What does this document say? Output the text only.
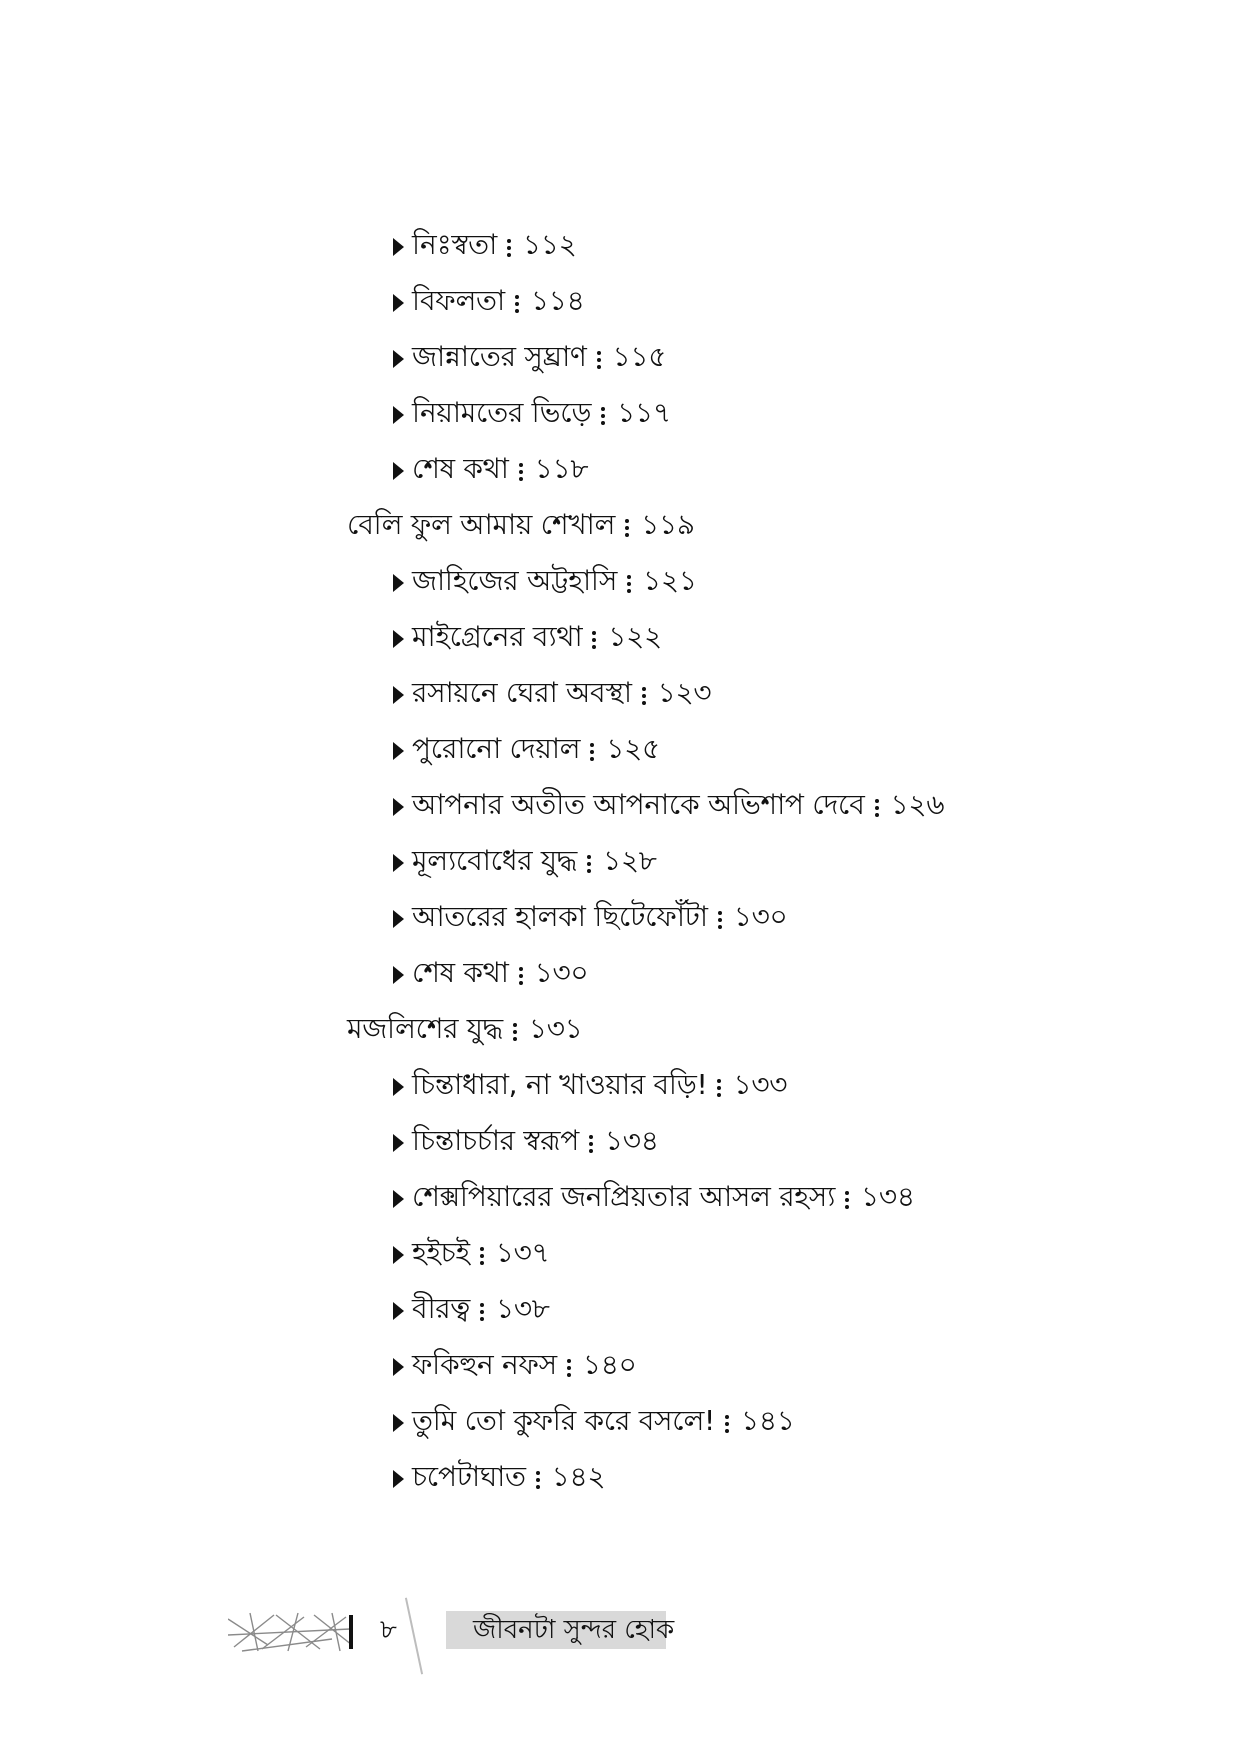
নিঃস্বতা ১১২
বিফলতা ১১৪
জান্নাতের সুঘ্রাণ ১১৫
নিয়ামতের ভিড়ে ১১৭
শেষ কথা ১১৮
বেলি ফুল আমায় শেখাল ১১৯
জাহিজের অট্টহাসি ১২১
মাইগ্রেনের ব্যথা ১২২
রসায়নে ঘেরা অবস্থা ১২৩
পুরোনো দেয়াল ১২৫
আপনার অতীত আপনাকে অভিশাপ দেবে ১২৬
মূল্যবোধের যুদ্ধ ১২৮
আতরের হালকা ছিটেফোঁটা ১৩০
শেষ কথা ১৩০
মজলিশের যুদ্ধ ১৩১
চিন্তাধারা, না খাওয়ার বড়ি! ১৩৩
চিন্তাচর্চার স্বরূপ ১৩৪
শেক্সপিয়ারের জনপ্রিয়তার আসল রহস্য ১৩৪
হইচই ১৩৭
বীরত্ব ১৩৮
ফকিহুন নফস ১৪০
তুমি তো কুফরি করে বসলে! ১৪১
চপেটাঘাত ১৪২
৮	জীবনটা সুন্দর হোক
